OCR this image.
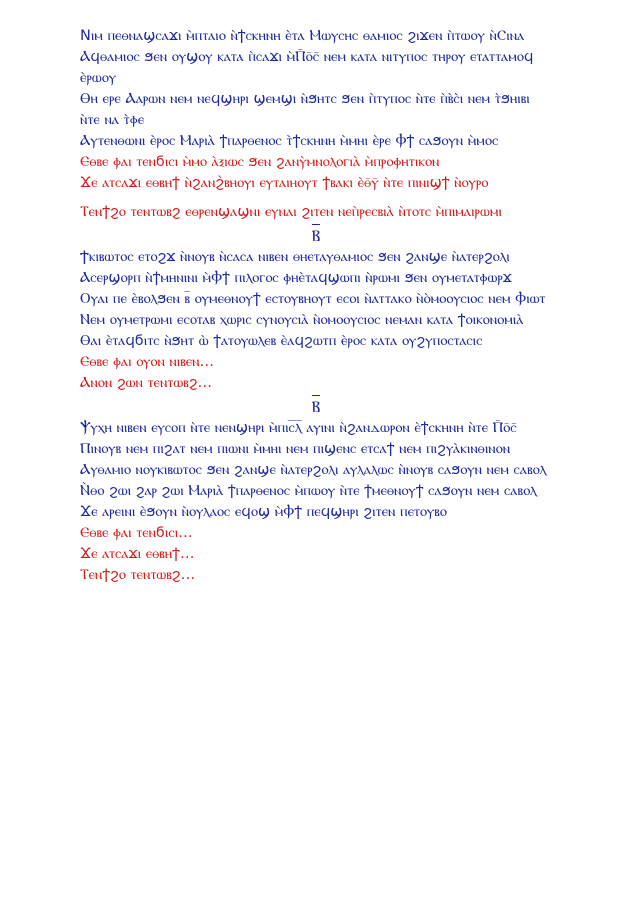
Nⲓⲙ ⲡⲉⲑⲛⲁϣⲥⲁϫⲓ ⲙ̀ⲡⲧⲁⲓⲟ ⲛ̀ϯⲥⲕⲏⲛⲏ ⲉ̀ⲧⲁ Ⲙⲱⲩⲥⲏⲥ ⲑⲁⲙⲓⲟⲥ ϩⲓϫⲉⲛ ⲡ̀ⲧⲱⲟⲩ ⲛ̀Ⲥⲓⲛⲁ

Ⲁϥⲑⲁⲙⲓⲟⲥ ϧⲉⲛ ⲟⲩϣⲟⲩ ⲕⲁⲧⲁ ⲡ̀ⲥⲁϫⲓ ⲙ̀Ⲡ̄ⲟ̄ⲥ̄ ⲛⲉⲙ ⲕⲁⲧⲁ ⲛⲓⲧⲩⲡⲟⲥ ⲧⲏⲣⲟⲩ ⲉⲧⲁⲧⲧⲁⲙⲟϥ ⲉ̀ⲣⲱⲟⲩ

Ⲑⲏ ⲉⲣⲉ Ⲁⲁⲣⲱⲛ ⲛⲉⲙ ⲛⲉϥϣⲏⲣⲓ ϣⲉⲙϣⲓ ⲛ̀ϧⲏⲧⲥ ϧⲉⲛ ⲡ̀ⲧⲩⲡⲟⲥ ⲛ̀ⲧⲉ ⲡ̀ⲃ̀ⲥ̀ⲓ ⲛⲉⲙ ⲧ̀ϧⲏⲓⲃⲓ ⲛ̀ⲧⲉ ⲛⲁ ⲧ̀ⲫⲉ

Ⲁⲩⲧⲉⲛⲑⲱⲛⲓ ⲉ̀ⲣⲟⲥ Ⲙⲁⲣⲓⲁ̀ ϯⲡⲁⲣⲑⲉⲛⲟⲥ ⲧ̀ϯⲥⲕⲏⲛⲏ ⲙ̀ⲙⲏⲓ ⲉ̀ⲣⲉ Ⲫϯ ⲥⲁϧⲟⲩⲛ ⲙ̀ⲙⲟⲥ

Ⲉⲑⲃⲉ ⲫⲁⲓ ⲧⲉⲛϭⲓⲥⲓ ⲙ̀ⲙⲟ ⲁ̀ⲝⲓⲱⲥ ϧⲉⲛ ϩⲁⲛⲩ̀ⲙⲛⲟⲗⲟⲅⲓⲁ̀ ⲙ̀ⲡⲣⲟⲫⲏⲧⲓⲕⲟⲛ

Ϫⲉ ⲁⲧⲥⲁϫⲓ ⲉⲑⲃⲏϯ ⲛ̀ϩⲁⲛϩ̀ⲃⲏⲟⲩⲓ ⲉⲩⲧⲁⲓⲏⲟⲩⲧ ϯⲃⲁⲕⲓ ⲉ̀ⲑ̄ⲩ̄ ⲛ̀ⲧⲉ ⲡⲓⲛⲓϣϯ ⲛ̀ⲟⲩⲣⲟ

Ⲧⲉⲛϯϩⲟ ⲧⲉⲛⲧⲱⲃϩ ⲉⲑⲣⲉⲛϣⲁϣⲛⲓ ⲉⲩⲛⲁⲓ ϩⲓⲧⲉⲛ ⲛⲉⲡ̀ⲣⲉⲥⲃⲓⲁ̀ ⲛ̀ⲧⲟⲧⲥ ⲙ̀ⲡⲓⲙⲁⲓⲣⲱⲙⲓ

Ⲃ

Ϯⲕⲓⲃⲱⲧⲟⲥ ⲉⲧⲟϩϫ ⲛ̀ⲛⲟⲩⲃ ⲛ̀ⲥⲁⲥⲁ ⲛⲓⲃⲉⲛ ⲑⲏⲉⲧⲁⲩⲑⲁⲙⲓⲟⲥ ϧⲉⲛ ϩⲁⲛϣⲉ ⲛ̀ⲁⲧⲉⲣϩⲟⲗⲓ

Ⲁⲥⲉⲣϣⲟⲣⲡ ⲛ̀ϯⲙⲏⲛⲓⲛⲓ ⲙ̀Ⲫϯ ⲡⲓⲗⲟⲅⲟⲥ ⲫⲏⲉ̀ⲧⲁϥϣⲱⲡⲓ ⲛ̀ⲣⲱⲙⲓ ϧⲉⲛ ⲟⲩⲙⲉⲧⲁⲧⲫⲱⲣϫ

Ⲟⲩⲁⲓ ⲡⲉ ⲉ̀ⲃⲟⲗϧⲉⲛ ⲃ̅ ⲟⲩⲙⲉⲑⲛⲟⲩϯ ⲉⲥⲧⲟⲩⲃⲏⲟⲩⲧ ⲉⲥⲟⲓ ⲛ̀ⲁⲧⲧⲁⲕⲟ ⲛ̀ⲟ̀ⲙⲟⲟⲩⲥⲓⲟⲥ ⲛⲉⲙ Ⲫⲓⲱⲧ

Ⲛⲉⲙ ⲟⲩⲙⲉⲧⲣⲱⲙⲓ ⲉⲥⲟⲧⲁⲃ ⲭⲱⲣⲓⲥ ⲥⲩⲛⲟⲩⲥⲓⲁ̀ ⲛ̀ⲟⲙⲟⲟⲩⲥⲓⲟⲥ ⲛⲉⲙⲁⲛ ⲕⲁⲧⲁ ϯⲟⲓⲕⲟⲛⲟⲙⲓⲁ̀

Ⲑⲁⲓ ⲉ̀ⲧⲁϥϭⲓⲧⲥ ⲛ̀ϧⲏⲧ ⲱ̀ ϯⲁⲧⲟⲩⲱⲗⲉⲃ ⲉ̀ⲁϥϩⲱⲧⲡ ⲉ̀ⲣⲟⲥ ⲕⲁⲧⲁ ⲟⲩϩⲩⲡⲟⲥⲧⲁⲥⲓⲥ

Ⲉⲑⲃⲉ ⲫⲁⲓ ⲟⲩⲟⲛ ⲛⲓⲃⲉⲛ…

Ⲁⲛⲟⲛ ϩⲱⲛ ⲧⲉⲛⲧⲱⲃϩ…

Ⲃ

Ⲯⲩⲭⲏ ⲛⲓⲃⲉⲛ ⲉⲩⲥⲟⲡ ⲛ̀ⲧⲉ ⲛⲉⲛϣⲏⲣⲓ ⲙ̀ⲡⲓⲥ̅ⲗ̅ ⲁⲩⲓⲛⲓ ⲛ̀ϩⲁⲛⲇⲱⲣⲟⲛ ⲉ̀ϯⲥⲕⲏⲛⲏ ⲛ̀ⲧⲉ Ⲡ̄ⲟ̄ⲥ̄

Ⲡⲓⲛⲟⲩⲃ ⲛⲉⲙ ⲡⲓϩⲁⲧ ⲛⲉⲙ ⲡⲓⲱⲛⲓ ⲙ̀ⲙⲏⲓ ⲛⲉⲙ ⲡⲓϣⲉⲛⲥ ⲉⲧⲥⲁϯ ⲛⲉⲙ ⲡⲓϩⲩⲁ̀ⲕⲓⲛⲑⲓⲛⲟⲛ

Ⲁⲩⲑⲁⲙⲓⲟ ⲛⲟⲩⲕⲓⲃⲱⲧⲟⲥ ϧⲉⲛ ϩⲁⲛϣⲉ ⲛ̀ⲁⲧⲉⲣϩⲟⲗⲓ ⲁⲩⲗⲁⲗⲱⲥ ⲛ̀ⲛⲟⲩⲃ ⲥⲁϧⲟⲩⲛ ⲛⲉⲙ ⲥⲁⲃⲟⲗ

Ⲛ̀ⲑⲟ ϩⲱⲓ ϩⲁⲣ ϩⲱⲓ Ⲙⲁⲣⲓⲁ̀ ϯⲡⲁⲣⲑⲉⲛⲟⲥ ⲙ̀ⲡⲱⲟⲩ ⲛ̀ⲧⲉ ϯⲙⲉⲑⲛⲟⲩϯ ⲥⲁϧⲟⲩⲛ ⲛⲉⲙ ⲥⲁⲃⲟⲗ

Ϫⲉ ⲁⲣⲉⲓⲛⲓ ⲉ̀ϧⲟⲩⲛ ⲛ̀ⲟⲩⲗⲁⲟⲥ ⲉϥⲟϣ ⲙ̀Ⲫϯ ⲡⲉϥϣⲏⲣⲓ ϩⲓⲧⲉⲛ ⲡⲉⲧⲟⲩⲃⲟ

Ⲉⲑⲃⲉ ⲫⲁⲓ ⲧⲉⲛϭⲓⲥⲓ…

Ϫⲉ ⲁⲧⲥⲁϫⲓ ⲉⲑⲃⲏϯ…

Ⲧⲉⲛϯϩⲟ ⲧⲉⲛⲧⲱⲃϩ…
